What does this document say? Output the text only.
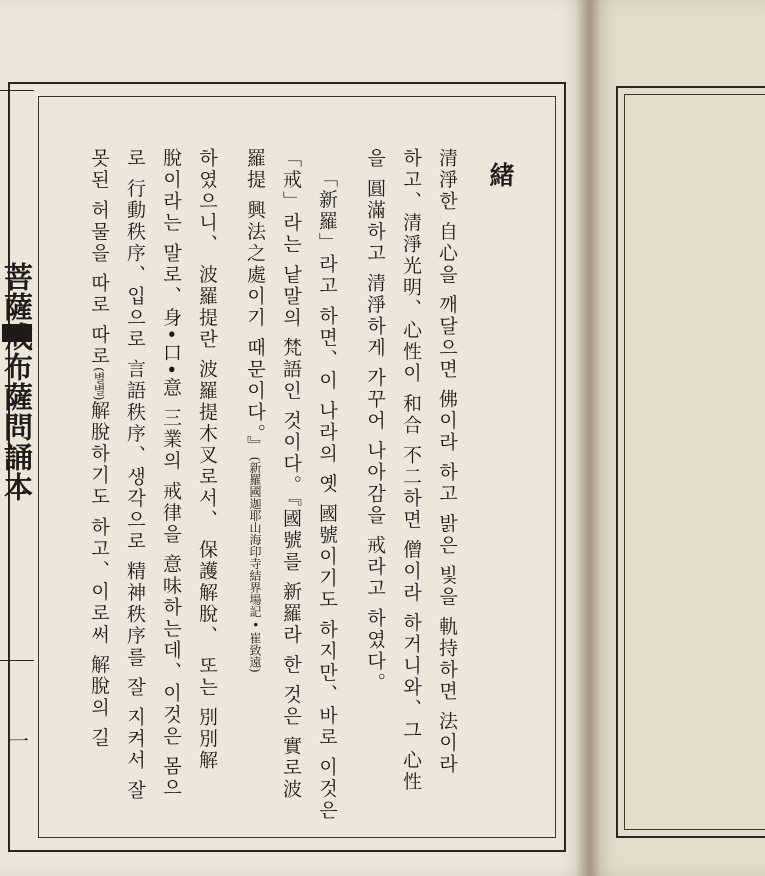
菩薩戒布薩問誦本
一
緒
清淨한 自心을 깨달으면 佛이라 하고 밝은 빛을 軌持하면 法이라
하고、清淨光明、心性이 和合 不二하면 僧이라 하거니와、그 心性
을 圓滿하고 清淨하게 가꾸어 나아감을 戒라고 하였다。
「新羅」라고 하면、이 나라의 옛 國號이기도 하지만、바로 이것은
「戒」라는 낱말의 梵語인 것이다。『國號를 新羅라 한 것은 實로波
羅提 興法之處이기 때문이다。』(新羅國迦耶山海印寺結界場記 • 崔致遠)
하였으니、 波羅提란 波羅提木叉로서、 保護解脫、 또는 別別解
脫이라는 말로、身•口•意 三業의 戒律을 意味하는데、이것은 몸으
로 行動秩序、입으로 言語秩序、생각으로 精神秩序를 잘 지켜서 잘
못된 허물을 따로 따로(별별)解脫하기도 하고、이로써 解脫의 길
